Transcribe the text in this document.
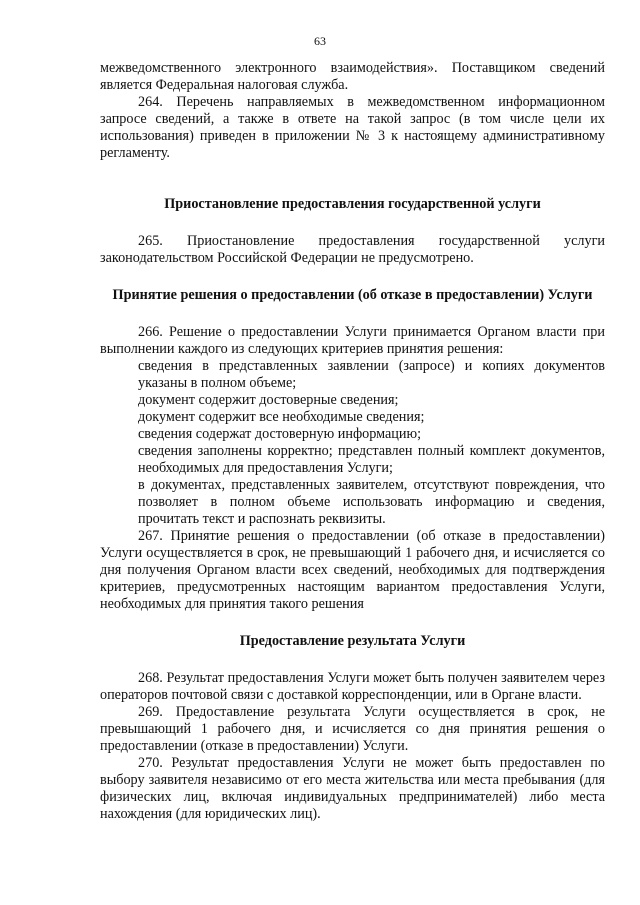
63

межведомственного электронного взаимодействия». Поставщиком сведений является Федеральная налоговая служба.

264. Перечень направляемых в межведомственном информационном запросе сведений, а также в ответе на такой запрос (в том числе цели их использования) приведен в приложении № 3 к настоящему административному регламенту.

Приостановление предоставления государственной услуги

265. Приостановление предоставления государственной услуги законодательством Российской Федерации не предусмотрено.

Принятие решения о предоставлении (об отказе в предоставлении) Услуги

266. Решение о предоставлении Услуги принимается Органом власти при выполнении каждого из следующих критериев принятия решения:

сведения в представленных заявлении (запросе) и копиях документов указаны в полном объеме;

документ содержит достоверные сведения;

документ содержит все необходимые сведения;

сведения содержат достоверную информацию;

сведения заполнены корректно; представлен полный комплект документов, необходимых для предоставления Услуги;

в документах, представленных заявителем, отсутствуют повреждения, что позволяет в полном объеме использовать информацию и сведения, прочитать текст и распознать реквизиты.

267. Принятие решения о предоставлении (об отказе в предоставлении) Услуги осуществляется в срок, не превышающий 1 рабочего дня, и исчисляется со дня получения Органом власти всех сведений, необходимых для подтверждения критериев, предусмотренных настоящим вариантом предоставления Услуги, необходимых для принятия такого решения

Предоставление результата Услуги

268. Результат предоставления Услуги может быть получен заявителем через операторов почтовой связи с доставкой корреспонденции, или в Органе власти.

269. Предоставление результата Услуги осуществляется в срок, не превышающий 1 рабочего дня, и исчисляется со дня принятия решения о предоставлении (отказе в предоставлении) Услуги.

270. Результат предоставления Услуги не может быть предоставлен по выбору заявителя независимо от его места жительства или места пребывания (для физических лиц, включая индивидуальных предпринимателей) либо места нахождения (для юридических лиц).
